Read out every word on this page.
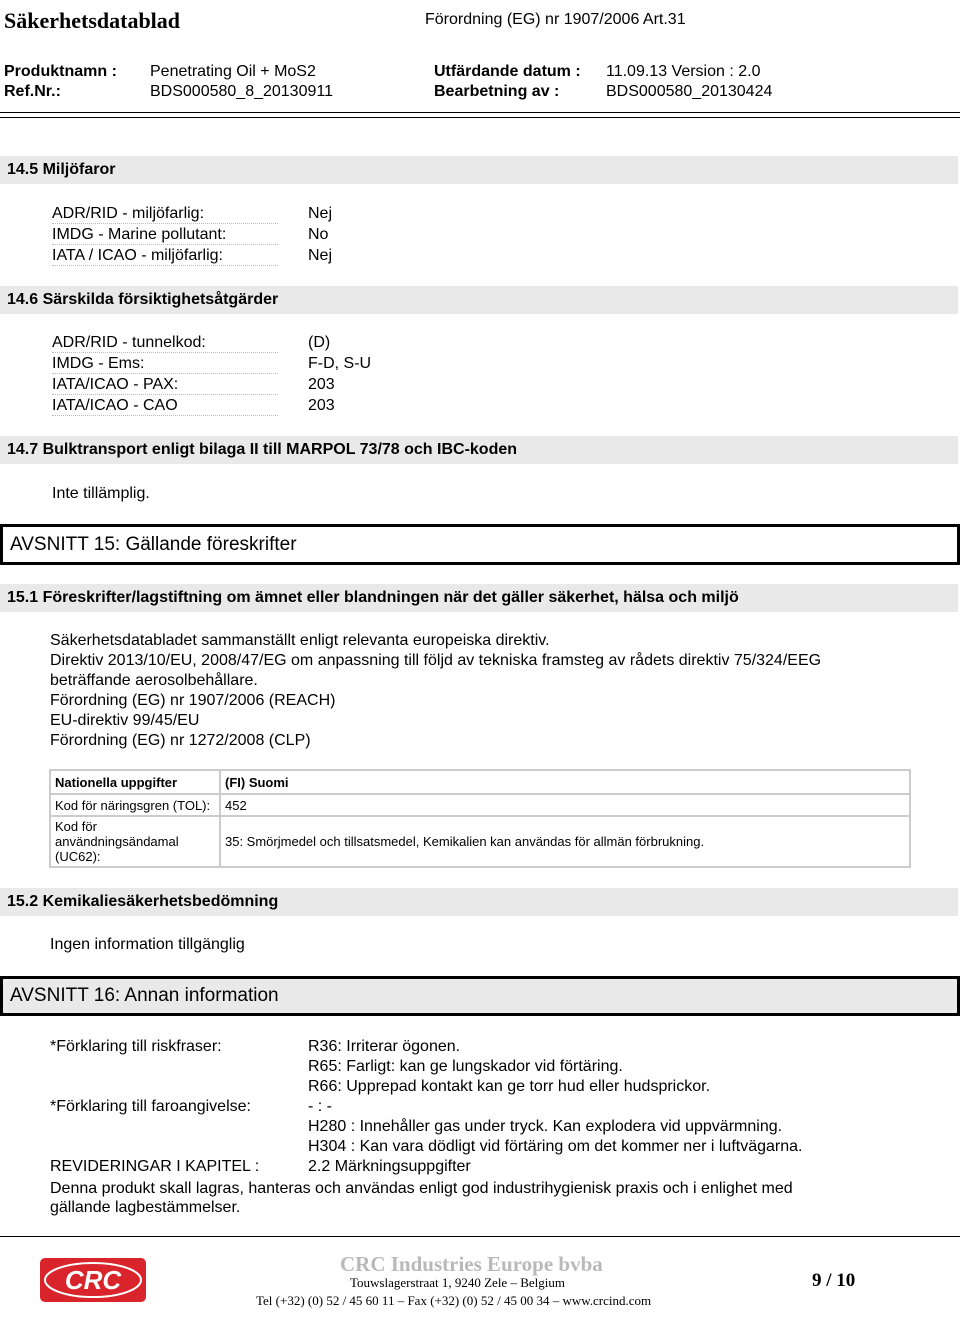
Säkerhetsdatablad	Förordning (EG) nr 1907/2006 Art.31
Produktnamn : Penetrating Oil + MoS2
Ref.Nr.:	BDS000580_8_20130911
Utfärdande datum : 11.09.13 Version : 2.0
Bearbetning av :	BDS000580_20130424
14.5 Miljöfaror
ADR/RID - miljöfarlig:	Nej
IMDG - Marine pollutant:	No
IATA / ICAO - miljöfarlig:	Nej
14.6 Särskilda försiktighetsåtgärder
ADR/RID - tunnelkod:	(D)
IMDG - Ems:	F-D, S-U
IATA/ICAO - PAX:	203
IATA/ICAO - CAO	203
14.7 Bulktransport enligt bilaga II till MARPOL 73/78 och IBC-koden
Inte tillämplig.
AVSNITT 15: Gällande föreskrifter
15.1 Föreskrifter/lagstiftning om ämnet eller blandningen när det gäller säkerhet, hälsa och miljö
Säkerhetsdatabladet sammanställt enligt relevanta europeiska direktiv.
Direktiv 2013/10/EU, 2008/47/EG om anpassning till följd av tekniska framsteg av rådets direktiv 75/324/EEG
beträffande aerosolbehållare.
Förordning (EG) nr 1907/2006 (REACH)
EU-direktiv 99/45/EU
Förordning (EG) nr 1272/2008 (CLP)
Nationella uppgifter	(FI) Suomi
Kod för näringsgren (TOL):	452

Kod för
användningsändamal
(UC62):	35: Smörjmedel och tillsatsmedel, Kemikalien kan användas för allmän förbrukning.
15.2 Kemikaliesäkerhetsbedömning
Ingen information tillgänglig
AVSNITT 16: Annan information
*Förklaring till riskfraser:	R36: Irriterar ögonen.
R65: Farligt: kan ge lungskador vid förtäring.
R66: Upprepad kontakt kan ge torr hud eller hudsprickor.
*Förklaring till faroangivelse:	- : -
H280 : Innehåller gas under tryck. Kan explodera vid uppvärmning.
H304 : Kan vara dödligt vid förtäring om det kommer ner i luftvägarna.
REVIDERINGAR I KAPITEL :	2.2 Märkningsuppgifter
Denna produkt skall lagras, hanteras och användas enligt god industrihygienisk praxis och i enlighet med
gällande lagbestämmelser.
CRC
CRC Industries Europe bvba
Touwslagerstraat 1, 9240 Zele – Belgium
Tel (+32) (0) 52 / 45 60 11 – Fax (+32) (0) 52 / 45 00 34 – www.crcind.com
9 / 10
